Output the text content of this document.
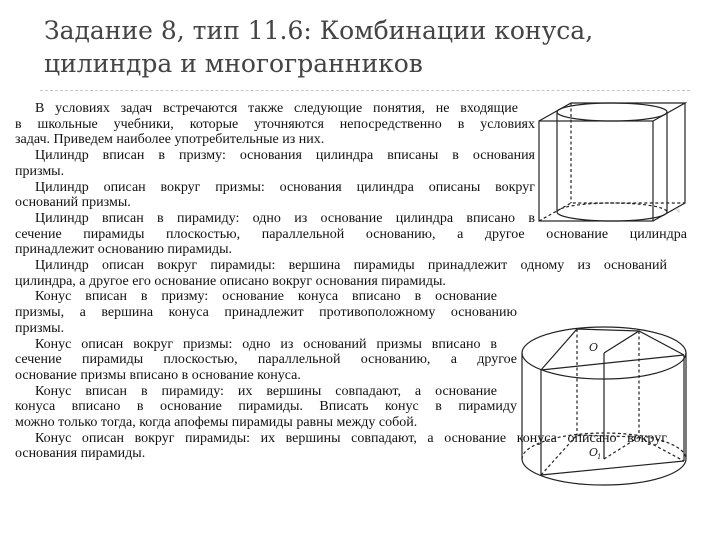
Задание 8, тип 11.6: Комбинации конуса,
цилиндра и многогранников
В условиях задач встречаются также следующие понятия, не входящие
в школьные учебники, которые уточняются непосредственно в условиях
задач. Приведем наиболее употребительные из них.
Цилиндр вписан в призму: основания цилиндра вписаны в основания
призмы.
Цилиндр описан вокруг призмы: основания цилиндра описаны вокруг
оснований призмы.
Цилиндр вписан в пирамиду: одно из основание цилиндра вписано в
сечение пирамиды плоскостью, параллельной основанию, а другое основание цилиндра
принадлежит основанию пирамиды.
Цилиндр описан вокруг пирамиды: вершина пирамиды принадлежит одному из оснований
цилиндра, а другое его основание описано вокруг основания пирамиды.
Конус вписан в призму: основание конуса вписано в основание
призмы, а вершина конуса принадлежит противоположному основанию
призмы.
Конус описан вокруг призмы: одно из оснований призмы вписано в
сечение пирамиды плоскостью, параллельной основанию, а другое
основание призмы вписано в основание конуса.
Конус вписан в пирамиду: их вершины совпадают, а основание
конуса вписано в основание пирамиды. Вписать конус в пирамиду
можно только тогда, когда апофемы пирамиды равны между собой.
Конус описан вокруг пирамиды: их вершины совпадают, а основание конуса описано вокруг
основания пирамиды.
✎
O
O
1
